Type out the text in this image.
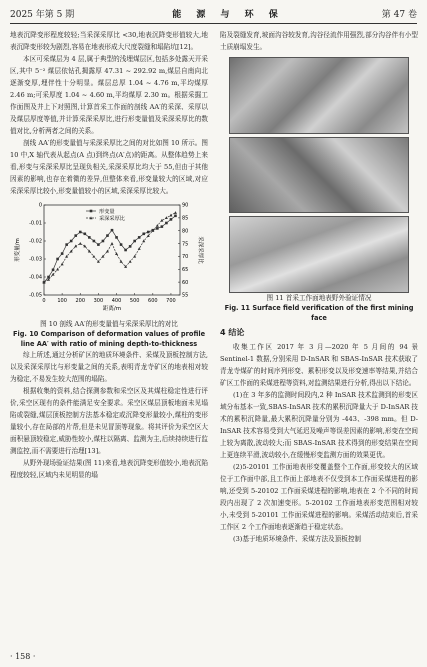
2025 年第 5 期	能 源 与 环 保	第 47 卷

地表沉降变形程度较轻;当采深采厚比 <30,地表沉降变形值较大,地表沉降变形较为剧烈,容易在地表形成大尺度裂缝和塌陷坑[12]。

本区可采煤层为 4 层,属于典型的浅埋煤层区,包括多处露天开采区,其中 5⁻² 煤层依钻孔揭露厚 47.31 ~ 292.92 m,煤层自南向北逐渐变厚,埋伴性十分明显。煤层总厚 1.04 ~ 4.76 m,平均煤厚 2.46 m;可采厚度 1.04 ~ 4.60 m,平均煤厚 2.30 m。根据采掘工作面图及井上下对照图,计算首采工作面的剖线 AA′的采深、采厚以及煤层厚度等值,并计算采深采厚比,进行形变量值及采深采厚比的数值对比,分析两者之间的关系。

剖线 AA′的形变量值与采深采厚比之间的对比如图 10 所示。图 10 中,X 轴代表从起点(A 点)到终点(A′点)的距离。从整体趋势上来看,形变与采深采厚比呈现负相关,采深采厚比均大于 55,但由于其他因素的影响,也存在着微的差异,但整体来看,形变量较大的区域,对应采深采厚比较小,形变量值较小的区域,采深采厚比较大。

0 100 200 300 400 500 600 700
-0.05
-0.04
-0.03
-0.02
-0.01
0
55
60
65
70
75
80
85
90
距离/m
形变量/m	采深采厚比
形变量
采深采厚比
图 10 剖线 AA′的形变量值与采深采厚比的对比
Fig. 10 Comparison of deformation values of profile
line AA′ with ratio of mining depth-to-thickness

综上所述,通过分析矿区的地质环境条件、采煤及顶板控制方法,以及采深采厚比与形变量之间的关系,表明青龙寺矿区的地表相对较为稳定,不易发生较大范围的塌陷。

根据收集的资料,结合探测参数和采空区及其煤柱稳定性进行评价,采空区现有的条件能满足安全要求。采空区煤层顶板地面未见塌陷或裂缝,煤层顶板控制方法基本稳定或沉降变形量较小,煤柱的变形量较小,存在局部的片帮,但是未见冒顶等现象。将其评价为采空区大面积悬顶较稳定,威胁性较小,煤柱以隔离、监测为主,后续持续进行监测监控,而不需要进行治理[13]。

从野外现场验证结果(图 11)来看,地表沉降变形值较小,地表沉陷程度较轻,区域内未见明显的塌

陷及裂缝发育,坡面沟谷较发育,沟谷径流作用强烈,部分沟谷伴有小型土质崩塌发生。

图 11 首采工作面地表野外验证情况
Fig. 11 Surface field verification of the first mining face
4 结论

收集工作区 2017 年 3 月—2020 年 5 月间的 94 景 Sentinel-1 数据,分别采用 D-InSAR 和 SBAS-InSAR 技术获取了青龙寺煤矿的时间序列形变、累积形变以及形变速率等结果,并结合矿区工作面的采煤进程等资料,对监测结果进行分析,得出以下结论。

(1)在 3 年多的监测时间段内,2 种 InSAR 技术监测到的形变区域分布基本一致,SBAS-InSAR 技术的累积沉降量大于 D-InSAR 技术的累积沉降量,最大累积沉降量分别为 -443、-398 mm。但 D-InSAR 技术容易受到大气延迟及噪声等误差因素的影响,形变在空间上较为离散,波动较大;而 SBAS-InSAR 技术得到的形变结果在空间上更连续平滑,波动较小,在缓慢形变监测方面的效果更优。

(2)5-20101 工作面地表形变覆盖整个工作面,形变较大的区域位于工作面中部,且工作面上部地表不仅受到本工作面采煤进程的影响,还受到 5-20102 工作面采煤进程的影响,地表在 2 个不同的时间段内出现了 2 次加速变形。5-20102 工作面地表形变范围相对较小,未受到 5-20101 工作面采煤进程的影响。采煤活动结束后,首采工作区 2 个工作面地表逐渐趋于稳定状态。

(3)基于地质环境条件、采煤方法及顶板控制

· 158 ·
